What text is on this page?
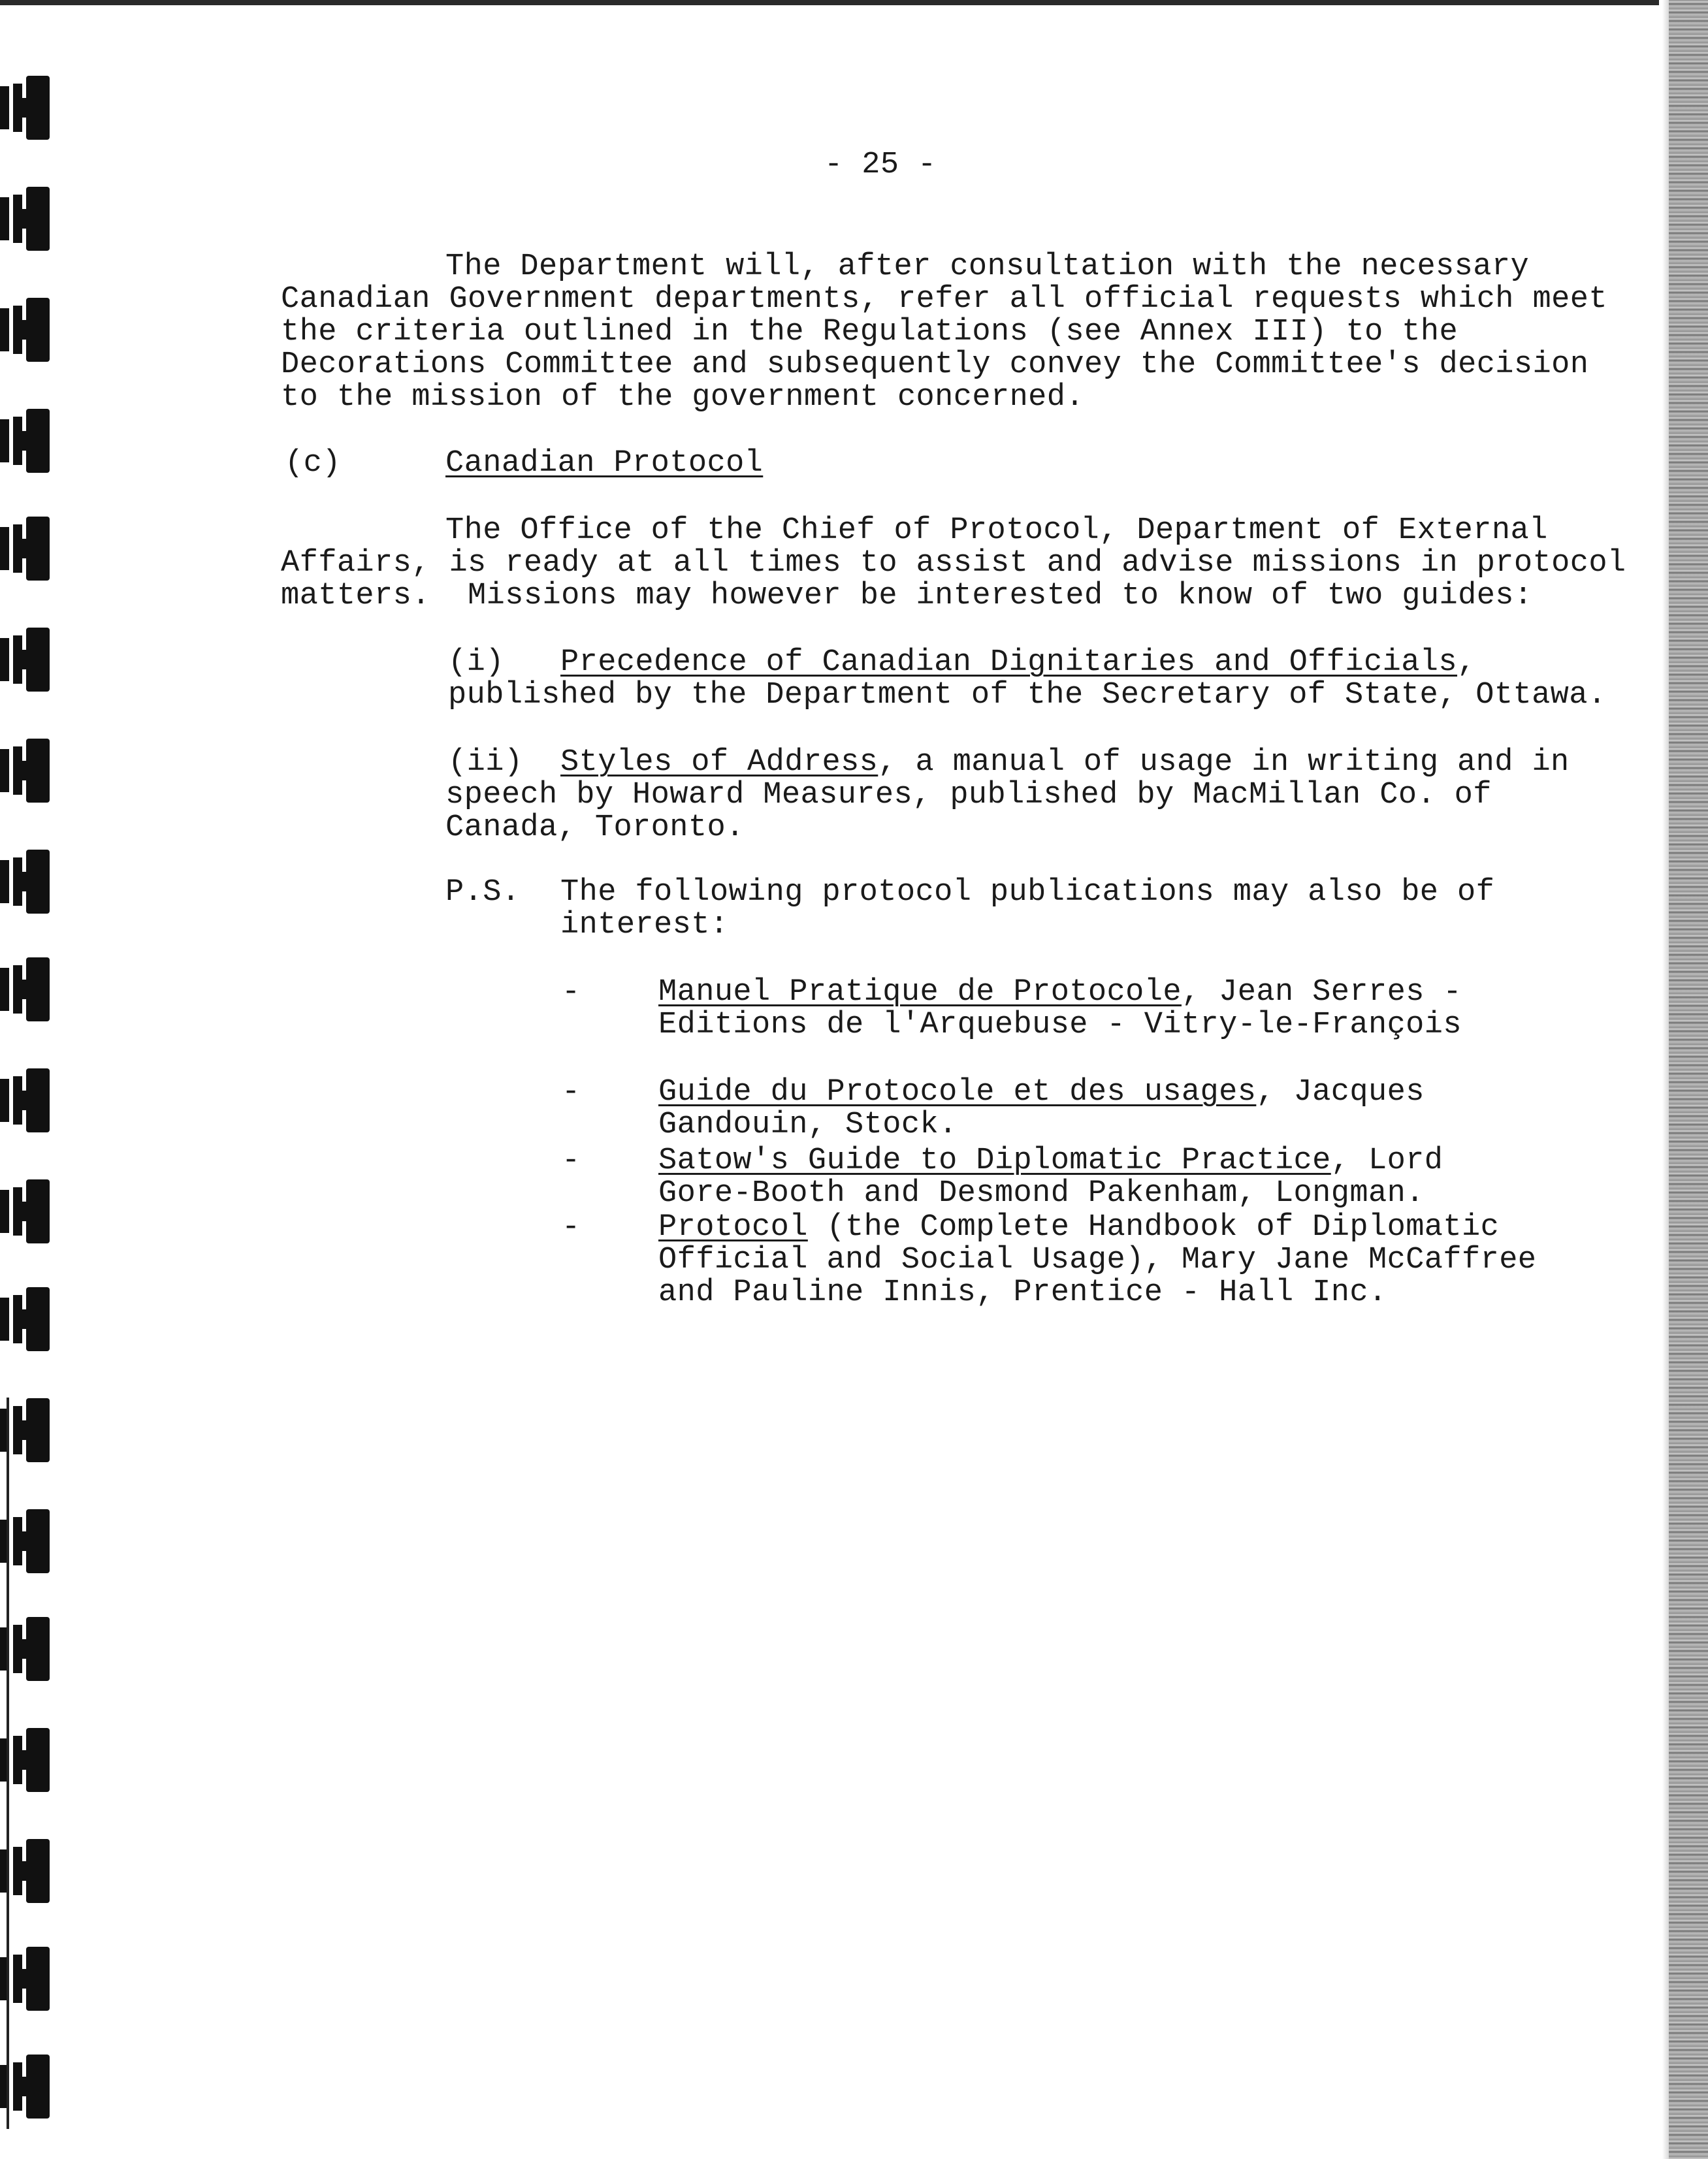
- 25 -
The Department will, after consultation with the necessary
Canadian Government departments, refer all official requests which meet
the criteria outlined in the Regulations (see Annex III) to the
Decorations Committee and subsequently convey the Committee's decision
to the mission of the government concerned.
(c)	Canadian Protocol
The Office of the Chief of Protocol, Department of External
Affairs, is ready at all times to assist and advise missions in protocol
matters.  Missions may however be interested to know of two guides:
(i) Precedence of Canadian Dignitaries and Officials,
published by the Department of the Secretary of State, Ottawa.
(ii) Styles of Address, a manual of usage in writing and in
speech by Howard Measures, published by MacMillan Co. of
Canada, Toronto.
P.S. The following protocol publications may also be of
interest:
-	Manuel Pratique de Protocole, Jean Serres -
Editions de l'Arquebuse - Vitry-le-François
-	Guide du Protocole et des usages, Jacques
Gandouin, Stock.
-	Satow's Guide to Diplomatic Practice, Lord
Gore-Booth and Desmond Pakenham, Longman.
-	Protocol (the Complete Handbook of Diplomatic
Official and Social Usage), Mary Jane McCaffree
and Pauline Innis, Prentice - Hall Inc.
